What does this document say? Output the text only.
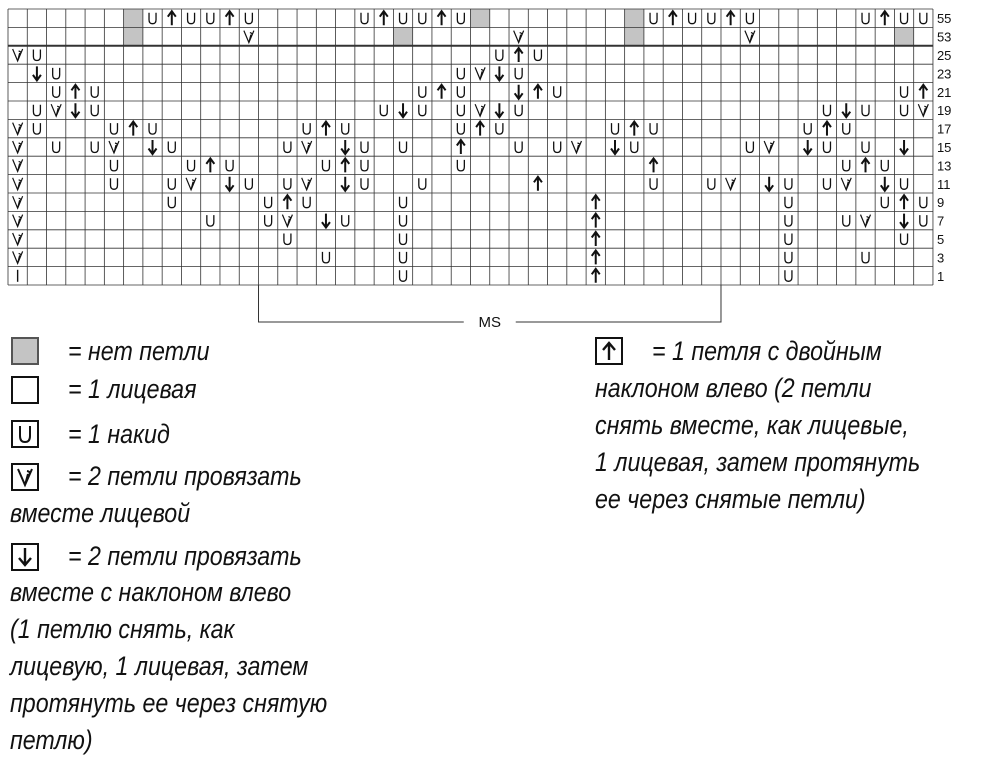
55
53
25
23
21
19
17
15
13
11
9
7
5
3
1
MS
= нет петли
= 1 лицевая
= 1 накид
= 2 петли провязать
вместе лицевой
= 2 петли провязать
вместе с наклоном влево
(1 петлю снять, как
лицевую, 1 лицевая, затем
протянуть ее через снятую
петлю)
= 1 петля с двойным
наклоном влево (2 петли
снять вместе, как лицевые,
1 лицевая, затем протянуть
ее через снятые петли)
